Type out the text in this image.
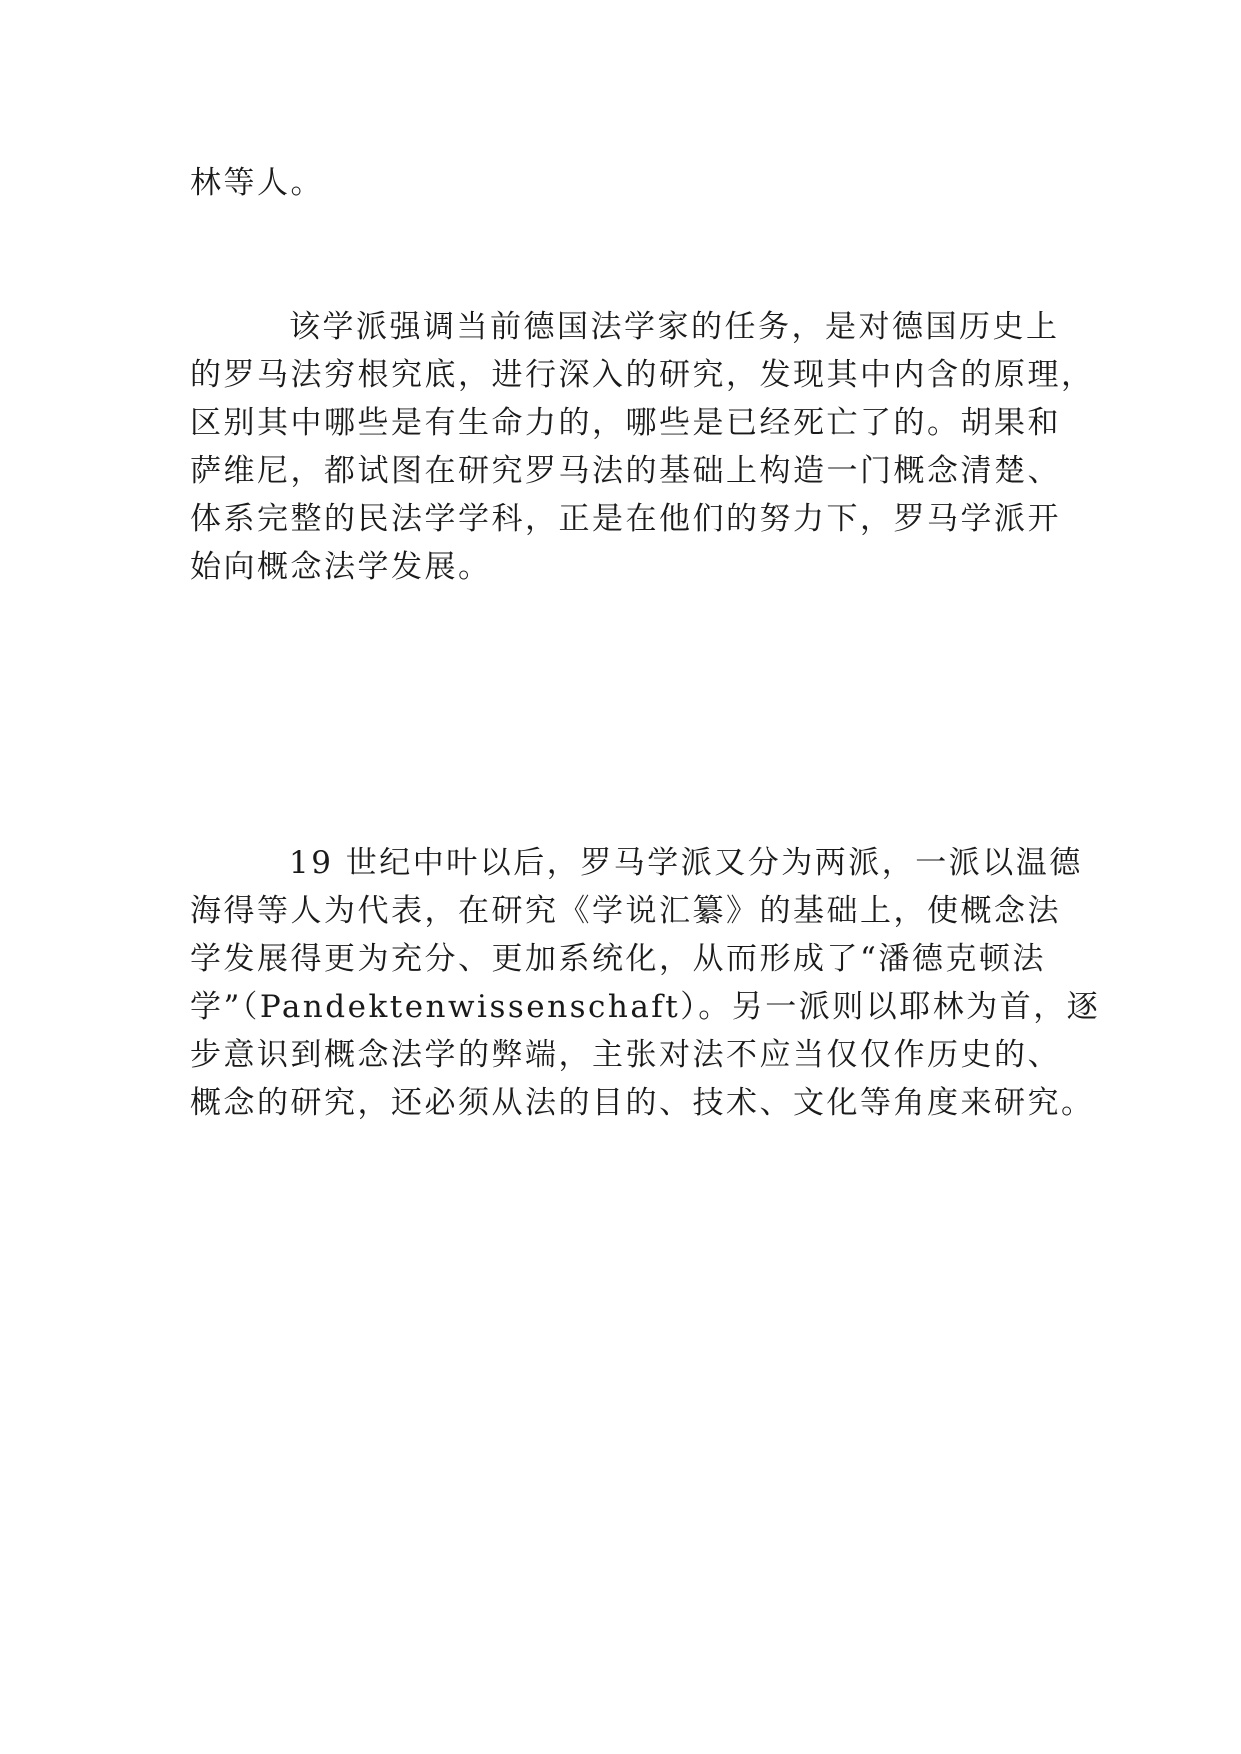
林等人。

该学派强调当前德国法学家的任务，是对德国历史上

的罗马法穷根究底，进行深入的研究，发现其中内含的原理，

区别其中哪些是有生命力的，哪些是已经死亡了的。胡果和

萨维尼，都试图在研究罗马法的基础上构造一门概念清楚、

体系完整的民法学学科，正是在他们的努力下，罗马学派开

始向概念法学发展。

19 世纪中叶以后，罗马学派又分为两派，一派以温德

海得等人为代表，在研究《学说汇纂》的基础上，使概念法

学发展得更为充分、更加系统化，从而形成了“潘德克顿法

学”（Pandektenwissenschaft）。另一派则以耶林为首，逐

步意识到概念法学的弊端，主张对法不应当仅仅作历史的、

概念的研究，还必须从法的目的、技术、文化等角度来研究。
